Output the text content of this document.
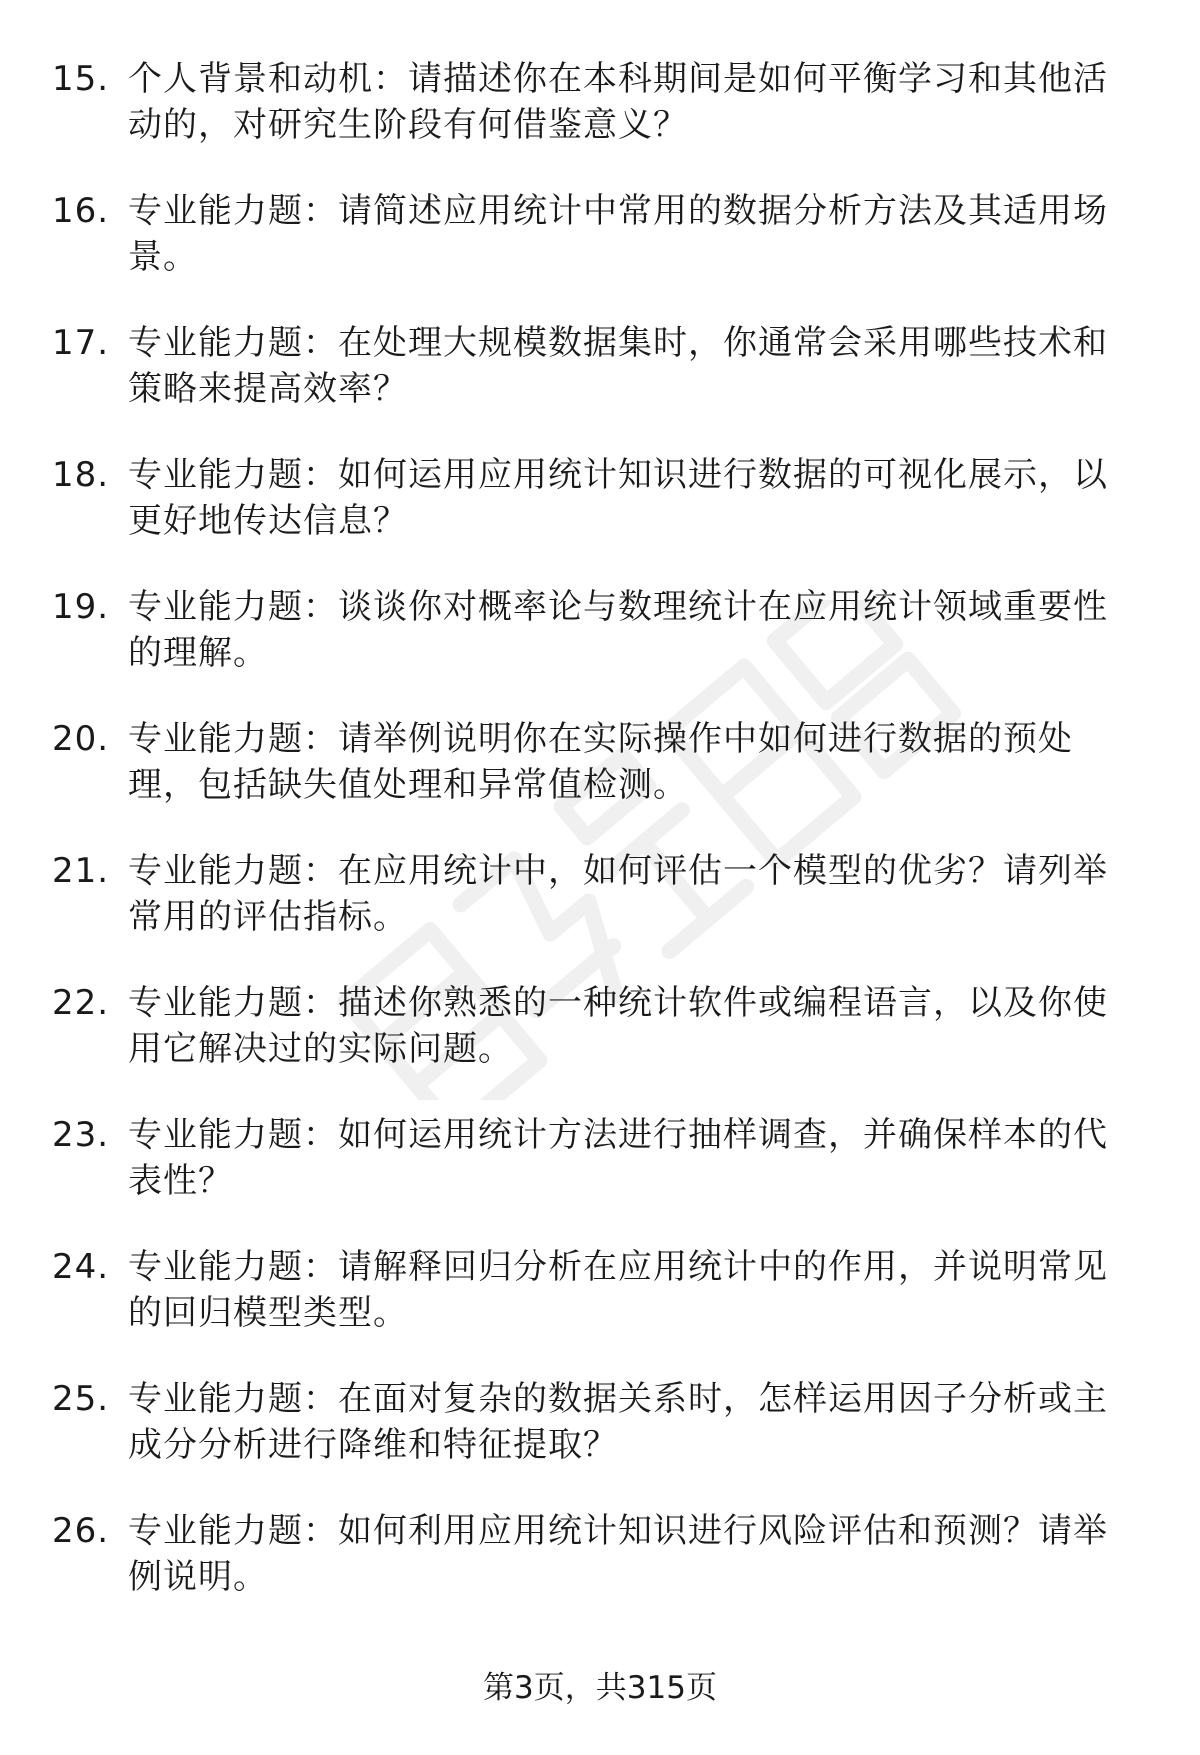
15. 个人背景和动机：请描述你在本科期间是如何平衡学习和其他活动的，对研究生阶段有何借鉴意义？
16. 专业能力题：请简述应用统计中常用的数据分析方法及其适用场景。
17. 专业能力题：在处理大规模数据集时，你通常会采用哪些技术和策略来提高效率？
18. 专业能力题：如何运用应用统计知识进行数据的可视化展示，以更好地传达信息？
19. 专业能力题：谈谈你对概率论与数理统计在应用统计领域重要性的理解。
20. 专业能力题：请举例说明你在实际操作中如何进行数据的预处理，包括缺失值处理和异常值检测。
21. 专业能力题：在应用统计中，如何评估一个模型的优劣？请列举常用的评估指标。
22. 专业能力题：描述你熟悉的一种统计软件或编程语言，以及你使用它解决过的实际问题。
23. 专业能力题：如何运用统计方法进行抽样调查，并确保样本的代表性？
24. 专业能力题：请解释回归分析在应用统计中的作用，并说明常见的回归模型类型。
25. 专业能力题：在面对复杂的数据关系时，怎样运用因子分析或主成分分析进行降维和特征提取？
26. 专业能力题：如何利用应用统计知识进行风险评估和预测？请举例说明。
第3页，共315页
